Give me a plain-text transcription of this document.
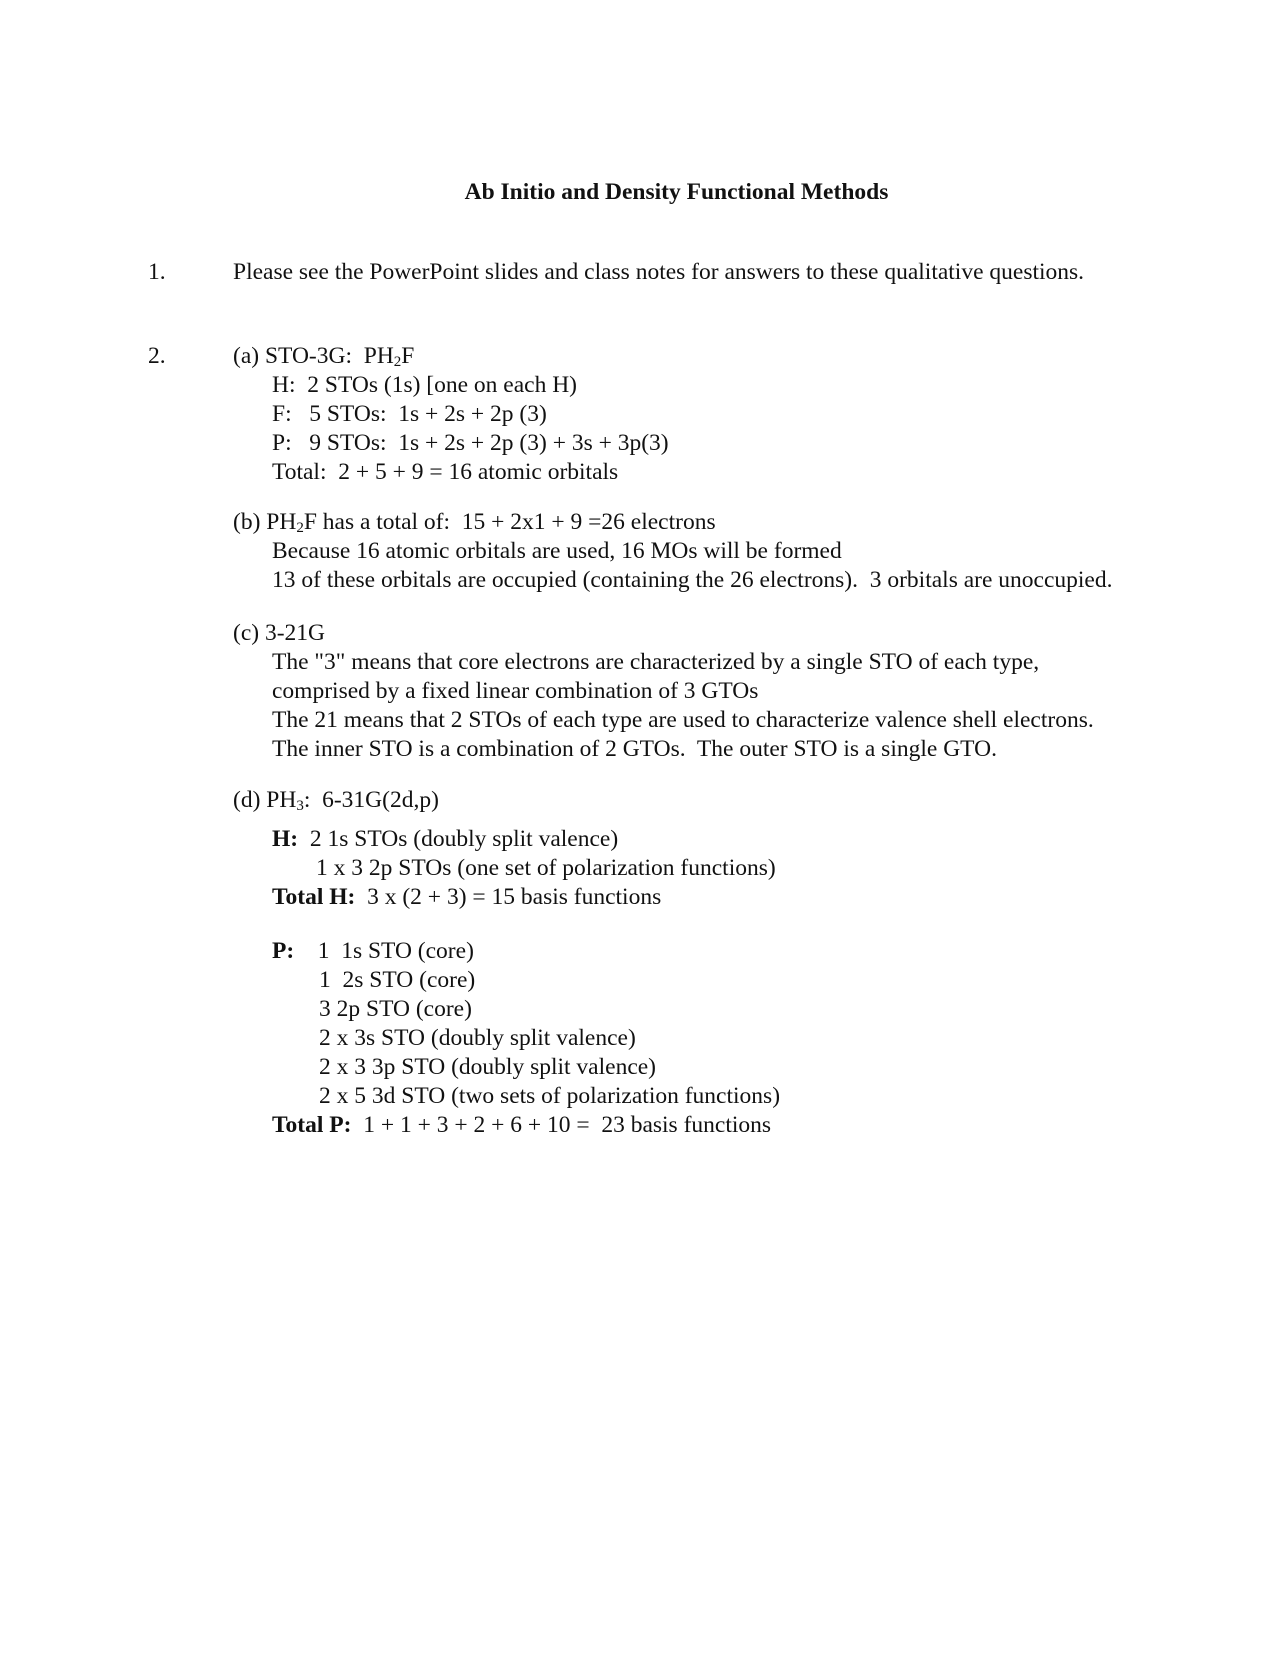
Ab Initio and Density Functional Methods
1.	Please see the PowerPoint slides and class notes for answers to these qualitative questions.
2.	(a) STO-3G:  $PH_2F$
H:  2 STOs (1s) [one on each H)
F:   5 STOs:  1s + 2s + 2p (3)
P:   9 STOs:  1s + 2s + 2p (3) + 3s + 3p(3)
Total:  2 + 5 + 9 = 16 atomic orbitals
(b) $PH_2F$ has a total of:  15 + 2x1 + 9 =26 electrons
Because 16 atomic orbitals are used, 16 MOs will be formed
13 of these orbitals are occupied (containing the 26 electrons).  3 orbitals are unoccupied.
(c) 3-21G
The "3" means that core electrons are characterized by a single STO of each type,
comprised by a fixed linear combination of 3 GTOs
The 21 means that 2 STOs of each type are used to characterize valence shell electrons.
The inner STO is a combination of 2 GTOs.  The outer STO is a single GTO.
(d) $PH_3$:  6-31G(2d,p)
H: 2 1s STOs (doubly split valence)
1 x 3 2p STOs (one set of polarization functions)
Total H: 3 x (2 + 3) = 15 basis functions
P: 1  1s STO (core)
1  2s STO (core)
3 2p STO (core)
2 x 3s STO (doubly split valence)
2 x 3 3p STO (doubly split valence)
2 x 5 3d STO (two sets of polarization functions)
Total P: 1 + 1 + 3 + 2 + 6 + 10 =  23 basis functions
